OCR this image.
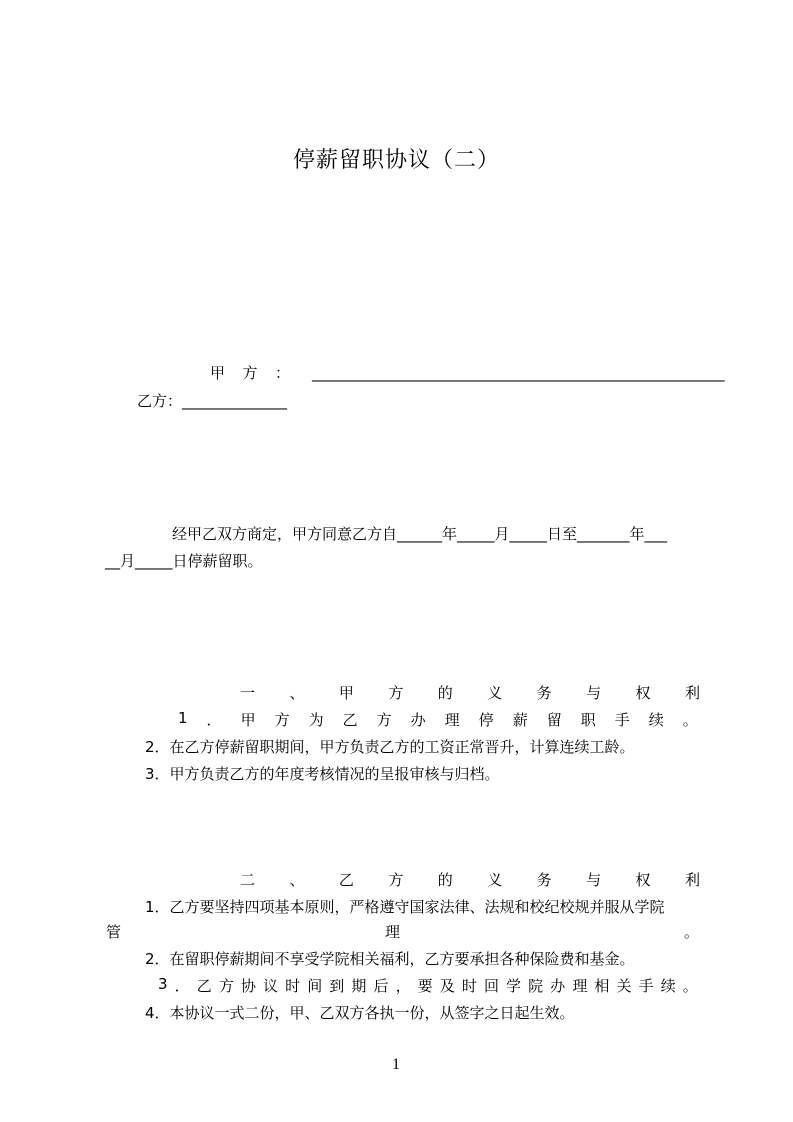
停薪留职协议（二）
甲 方 ： _ _ _ _ _ _ _ _ _ _ _ _ _ _ _ _ _ _ _ _ _ _ _ _ _ _ _ _ _ _ _ _ _ _ _ _ _ _ _ _ _ _ _ _ _ _ _ _ _ _ _ _ _ _ _
乙方：______________
经甲乙双方商定，甲方同意乙方自______年_____月_____日至_______年___
__月_____日停薪留职。
一 、 甲 方 的 义 务 与 权 利
1 ． 甲 方 为 乙 方 办 理 停 薪 留 职 手 续 。
2．在乙方停薪留职期间，甲方负责乙方的工资正常晋升，计算连续工龄。
3．甲方负责乙方的年度考核情况的呈报审核与归档。
二 、 乙 方 的 义 务 与 权 利
1．乙方要坚持四项基本原则，严格遵守国家法律、法规和校纪校规并服从学院
管	理	。
2．在留职停薪期间不享受学院相关福利，乙方要承担各种保险费和基金。
3 ． 乙 方 协 议 时 间 到 期 后 ， 要 及 时 回 学 院 办 理 相 关 手 续 。
4．本协议一式二份，甲、乙双方各执一份，从签字之日起生效。
1
